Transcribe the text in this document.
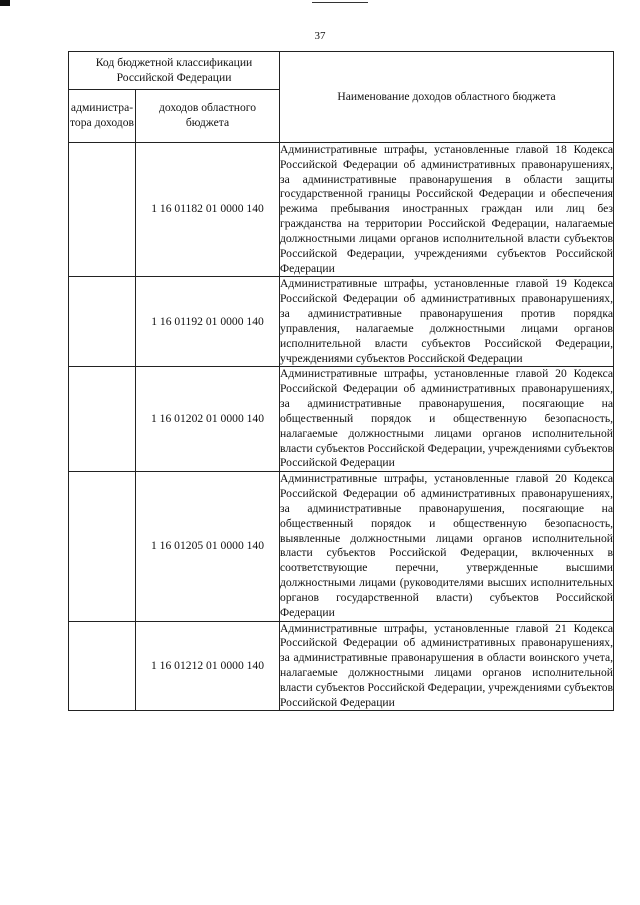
37
Код бюджетной классификации Российской Федерации		Наименование доходов областного бюджета
администра-тора доходов	доходов областного бюджета	
	1 16 01182 01 0000 140	Административные штрафы, установленные главой 18 Кодекса Российской Федерации об административных правонарушениях, за административные правонарушения в области защиты государственной границы Российской Федерации и обеспечения режима пребывания иностранных граждан или лиц без гражданства на территории Российской Федерации, налагаемые должностными лицами органов исполнительной власти субъектов Российской Федерации, учреждениями субъектов Российской Федерации
	1 16 01192 01 0000 140	Административные штрафы, установленные главой 19 Кодекса Российской Федерации об административных правонарушениях, за административные правонарушения против порядка управления, налагаемые должностными лицами органов исполнительной власти субъектов Российской Федерации, учреждениями субъектов Российской Федерации
	1 16 01202 01 0000 140	Административные штрафы, установленные главой 20 Кодекса Российской Федерации об административных правонарушениях, за административные правонарушения, посягающие на общественный порядок и общественную безопасность, налагаемые должностными лицами органов исполнительной власти субъектов Российской Федерации, учреждениями субъектов Российской Федерации
	1 16 01205 01 0000 140	Административные штрафы, установленные главой 20 Кодекса Российской Федерации об административных правонарушениях, за административные правонарушения, посягающие на общественный порядок и общественную безопасность, выявленные должностными лицами органов исполнительной власти субъектов Российской Федерации, включенных в соответствующие перечни, утвержденные высшими должностными лицами (руководителями высших исполнительных органов государственной власти) субъектов Российской Федерации
	1 16 01212 01 0000 140	Административные штрафы, установленные главой 21 Кодекса Российской Федерации об административных правонарушениях, за административные правонарушения в области воинского учета, налагаемые должностными лицами органов исполнительной власти субъектов Российской Федерации, учреждениями субъектов Российской Федерации
